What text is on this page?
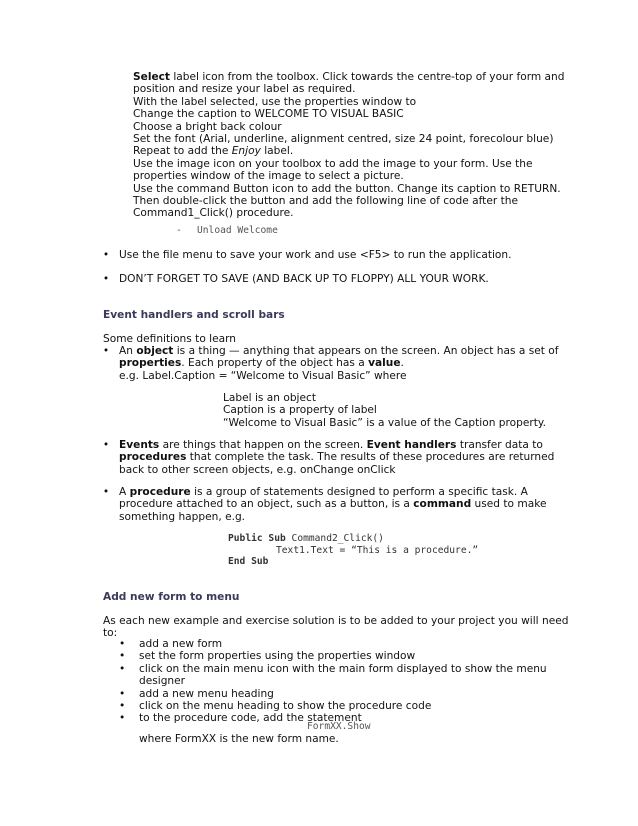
Select label icon from the toolbox. Click towards the centre-top of your form and
position and resize your label as required.
With the label selected, use the properties window to
Change the caption to WELCOME TO VISUAL BASIC
Choose a bright back colour
Set the font (Arial, underline, alignment centred, size 24 point, forecolour blue)
Repeat to add the Enjoy label.
Use the image icon on your toolbox to add the image to your form. Use the
properties window of the image to select a picture.
Use the command Button icon to add the button. Change its caption to RETURN.
Then double-click the button and add the following line of code after the
Command1_Click() procedure.
- Unload Welcome
• Use the file menu to save your work and use <F5> to run the application.
• DON’T FORGET TO SAVE (AND BACK UP TO FLOPPY) ALL YOUR WORK.
Event handlers and scroll bars
Some definitions to learn
• An object is a thing — anything that appears on the screen. An object has a set of
properties. Each property of the object has a value.
e.g. Label.Caption = “Welcome to Visual Basic” where
Label is an object
Caption is a property of label
“Welcome to Visual Basic” is a value of the Caption property.
• Events are things that happen on the screen. Event handlers transfer data to
procedures that complete the task. The results of these procedures are returned
back to other screen objects, e.g. onChange onClick
• A procedure is a group of statements designed to perform a specific task. A
procedure attached to an object, such as a button, is a command used to make
something happen, e.g.
Public Sub Command2_Click()
Text1.Text = “This is a procedure.”
End Sub
Add new form to menu
As each new example and exercise solution is to be added to your project you will need
to:
• add a new form
• set the form properties using the properties window
• click on the main menu icon with the main form displayed to show the menu
designer
• add a new menu heading
• click on the menu heading to show the procedure code
• to the procedure code, add the statement
FormXX.Show
where FormXX is the new form name.
